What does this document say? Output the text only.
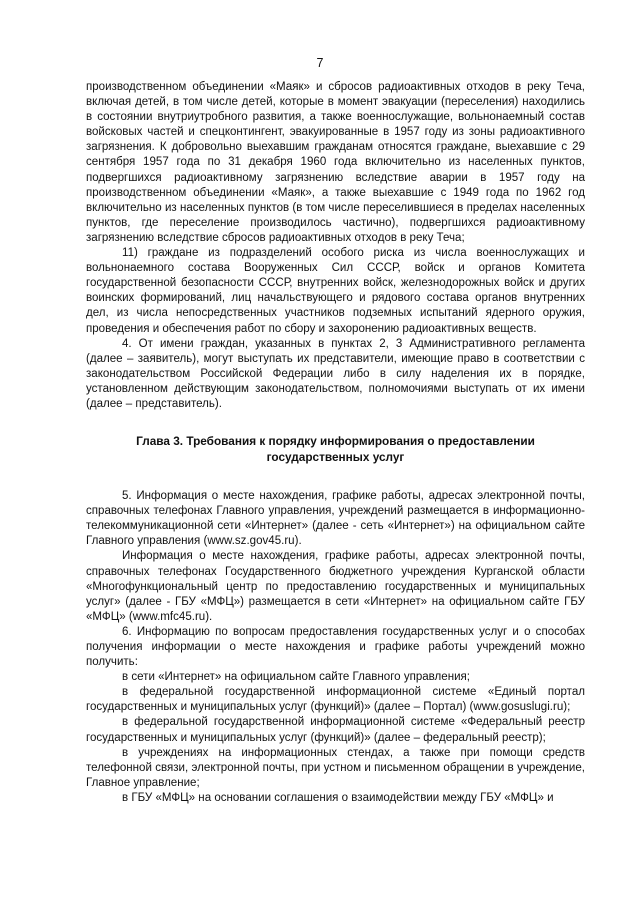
7

производственном объединении «Маяк» и сбросов радиоактивных отходов в реку Теча, включая детей, в том числе детей, которые в момент эвакуации (переселения) находились в состоянии внутриутробного развития, а также военнослужащие, вольнонаемный состав войсковых частей и спецконтингент, эвакуированные в 1957 году из зоны радиоактивного загрязнения. К добровольно выехавшим гражданам относятся граждане, выехавшие с 29 сентября 1957 года по 31 декабря 1960 года включительно из населенных пунктов, подвергшихся радиоактивному загрязнению вследствие аварии в 1957 году на производственном объединении «Маяк», а также выехавшие с 1949 года по 1962 год включительно из населенных пунктов (в том числе переселившиеся в пределах населенных пунктов, где переселение производилось частично), подвергшихся радиоактивному загрязнению вследствие сбросов радиоактивных отходов в реку Теча;

11) граждане из подразделений особого риска из числа военнослужащих и вольнонаемного состава Вооруженных Сил СССР, войск и органов Комитета государственной безопасности СССР, внутренних войск, железнодорожных войск и других воинских формирований, лиц начальствующего и рядового состава органов внутренних дел, из числа непосредственных участников подземных испытаний ядерного оружия, проведения и обеспечения работ по сбору и захоронению радиоактивных веществ.

4. От имени граждан, указанных в пунктах 2, 3 Административного регламента (далее – заявитель), могут выступать их представители, имеющие право в соответствии с законодательством Российской Федерации либо в силу наделения их в порядке, установленном действующим законодательством, полномочиями выступать от их имени (далее – представитель).

Глава 3. Требования к порядку информирования о предоставлении государственных услуг

5. Информация о месте нахождения, графике работы, адресах электронной почты, справочных телефонах Главного управления, учреждений размещается в информационно-телекоммуникационной сети «Интернет» (далее - сеть «Интернет») на официальном сайте Главного управления (www.sz.gov45.ru).

Информация о месте нахождения, графике работы, адресах электронной почты, справочных телефонах Государственного бюджетного учреждения Курганской области «Многофункциональный центр по предоставлению государственных и муниципальных услуг» (далее - ГБУ «МФЦ») размещается в сети «Интернет» на официальном сайте ГБУ «МФЦ» (www.mfc45.ru).

6. Информацию по вопросам предоставления государственных услуг и о способах получения информации о месте нахождения и графике работы учреждений можно получить:

в сети «Интернет» на официальном сайте Главного управления;

в федеральной государственной информационной системе «Единый портал государственных и муниципальных услуг (функций)» (далее – Портал) (www.gosuslugi.ru);

в федеральной государственной информационной системе «Федеральный реестр государственных и муниципальных услуг (функций)» (далее – федеральный реестр);

в учреждениях на информационных стендах, а также при помощи средств телефонной связи, электронной почты, при устном и письменном обращении в учреждение, Главное управление;

в ГБУ «МФЦ» на основании соглашения о взаимодействии между ГБУ «МФЦ» и
